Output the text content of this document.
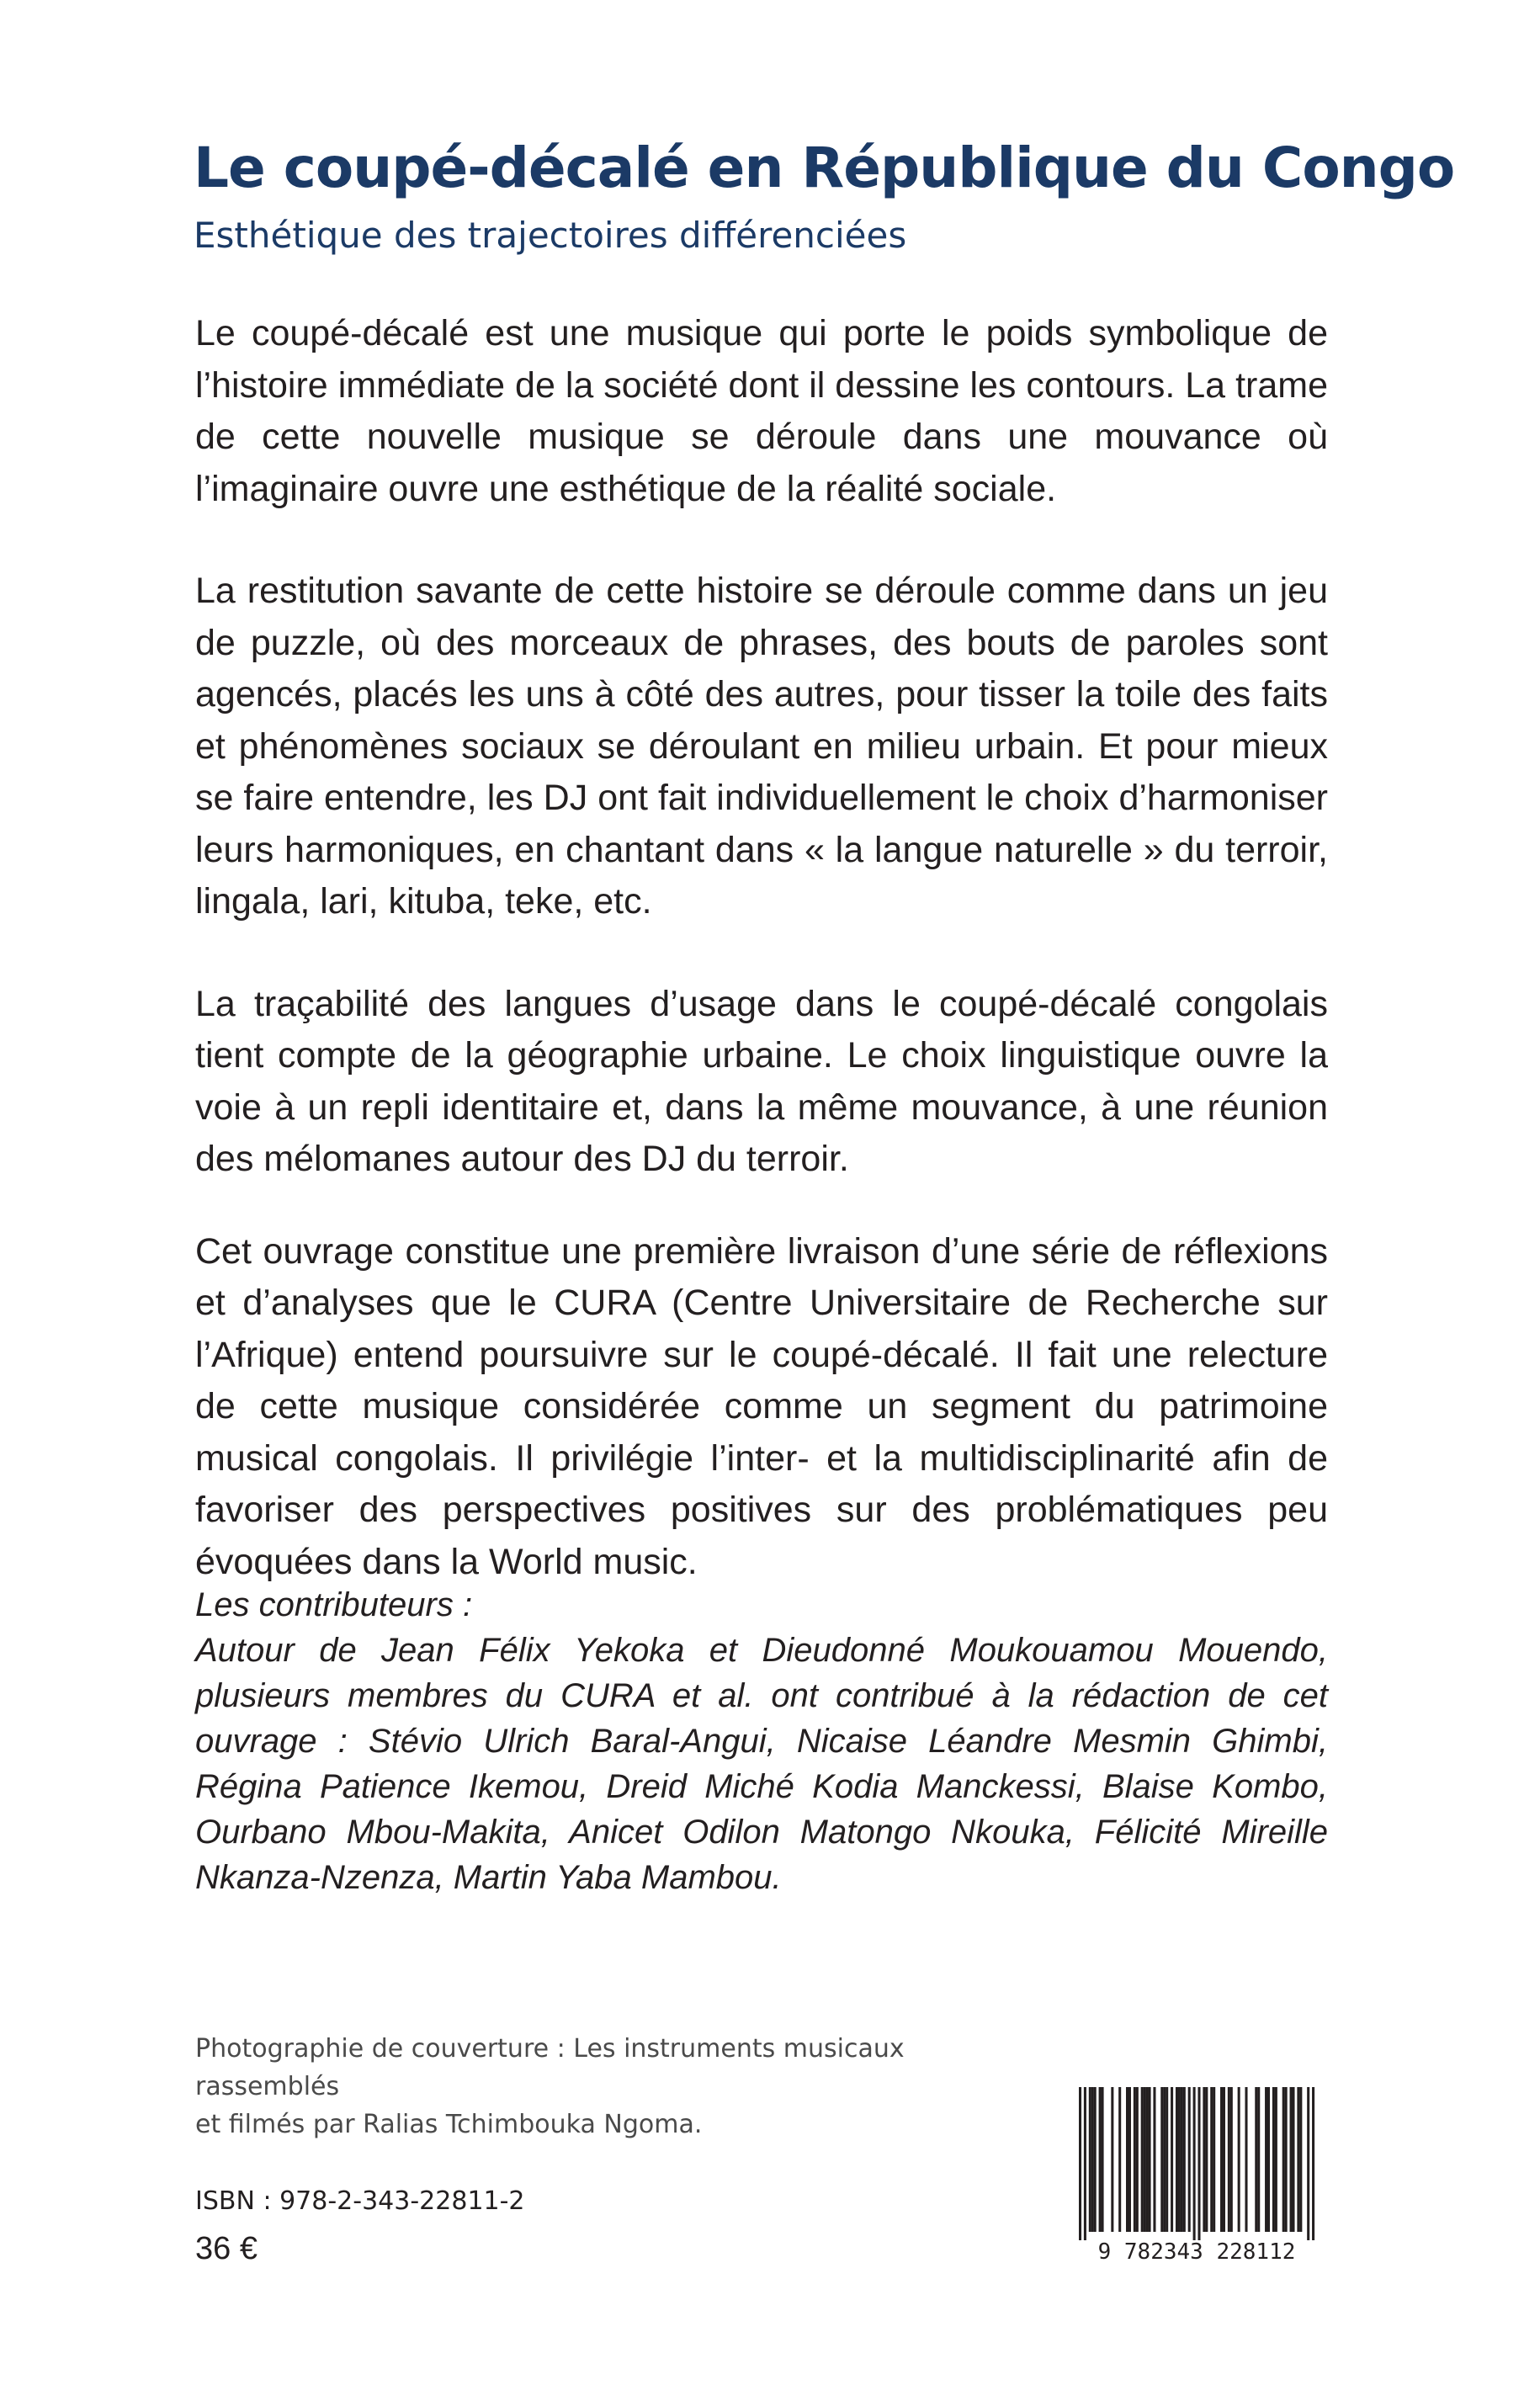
Le coupé-décalé en République du Congo
Esthétique des trajectoires différenciées

Le coupé-décalé est une musique qui porte le poids symbolique de l’histoire immédiate de la société dont il dessine les contours. La trame de cette nouvelle musique se déroule dans une mouvance où l’imaginaire ouvre une esthétique de la réalité sociale.

La restitution savante de cette histoire se déroule comme dans un jeu de puzzle, où des morceaux de phrases, des bouts de paroles sont agencés, placés les uns à côté des autres, pour tisser la toile des faits et phénomènes sociaux se déroulant en milieu urbain. Et pour mieux se faire entendre, les DJ ont fait individuellement le choix d’harmoniser leurs harmoniques, en chantant dans « la langue naturelle » du terroir, lingala, lari, kituba, teke, etc.

La traçabilité des langues d’usage dans le coupé-décalé congolais tient compte de la géographie urbaine. Le choix linguistique ouvre la voie à un repli identitaire et, dans la même mouvance, à une réunion des mélomanes autour des DJ du terroir.

Cet ouvrage constitue une première livraison d’une série de réflexions et d’analyses que le CURA (Centre Universitaire de Recherche sur l’Afrique) entend poursuivre sur le coupé-décalé. Il fait une relecture de cette musique considérée comme un segment du patrimoine musical congolais. Il privilégie l’inter- et la multidisciplinarité afin de favoriser des perspectives positives sur des problématiques peu évoquées dans la World music.

Les contributeurs :
Autour de Jean Félix Yekoka et Dieudonné Moukouamou Mouendo, plusieurs membres du CURA et al. ont contribué à la rédaction de cet ouvrage : Stévio Ulrich Baral-Angui, Nicaise Léandre Mesmin Ghimbi, Régina Patience Ikemou, Dreid Miché Kodia Manckessi, Blaise Kombo, Ourbano Mbou-Makita, Anicet Odilon Matongo Nkouka, Félicité Mireille Nkanza-Nzenza, Martin Yaba Mambou.
Photographie de couverture : Les instruments musicaux rassemblés
et filmés par Ralias Tchimbouka Ngoma.
ISBN : 978-2-343-22811-2
36 €	9 782343 228112
